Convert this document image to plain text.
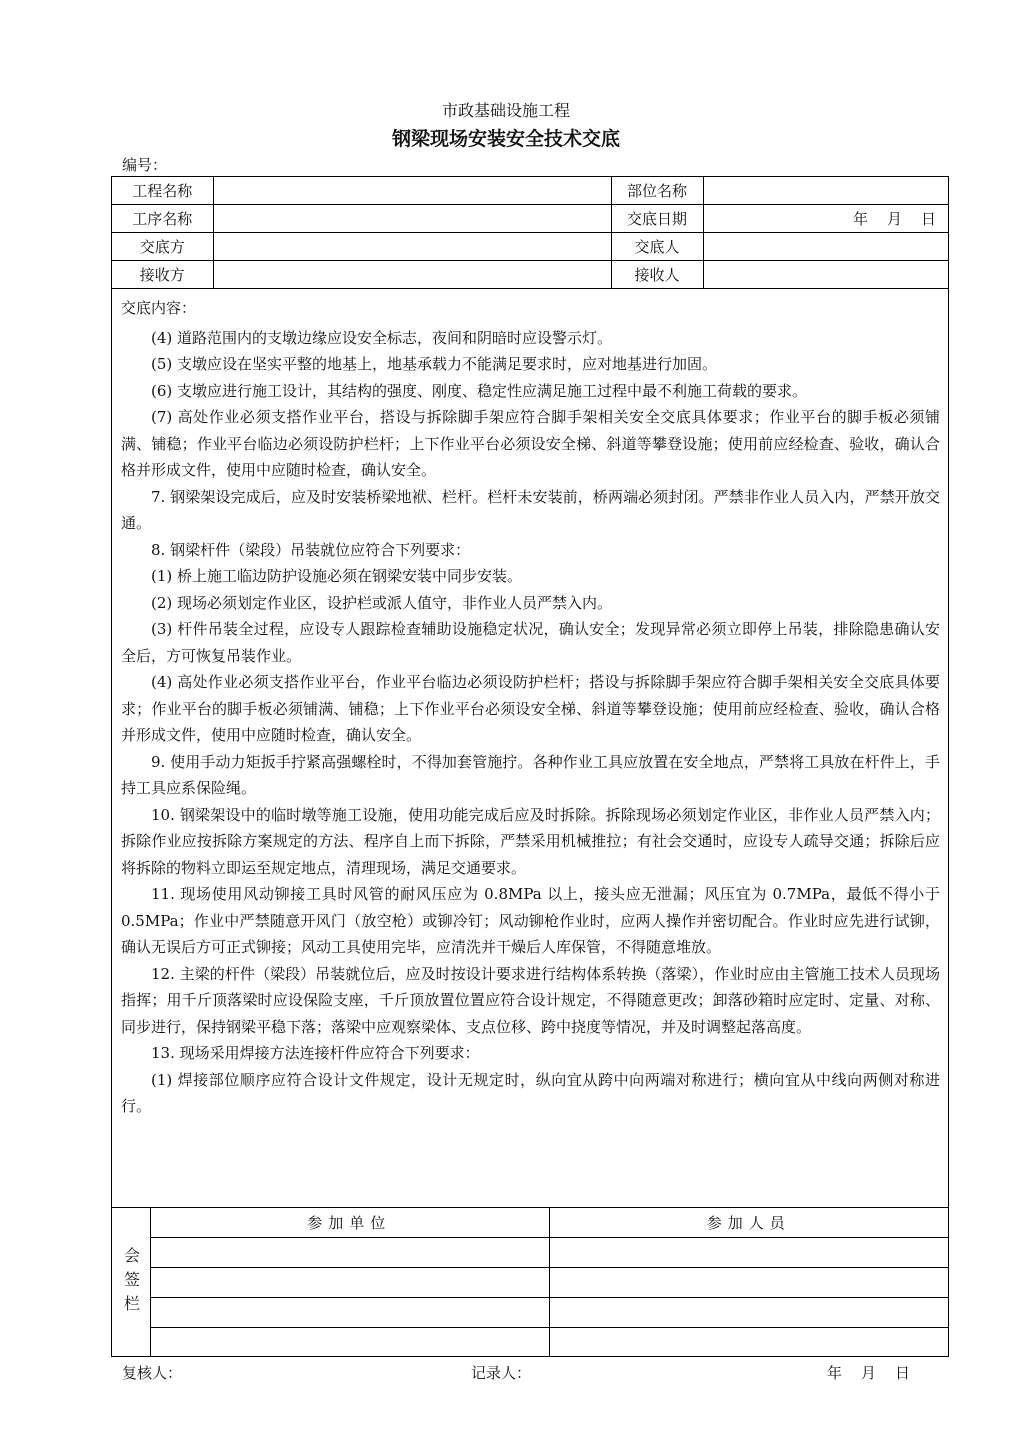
市政基础设施工程
钢梁现场安装安全技术交底
编号：
工程名称		部位名称	
工序名称		交底日期	年　月　日
交底方		交底人	
接收方		接收人	
交底内容：

(4) 道路范围内的支墩边缘应设安全标志，夜间和阴暗时应设警示灯。

(5) 支墩应设在坚实平整的地基上，地基承载力不能满足要求时，应对地基进行加固。

(6) 支墩应进行施工设计，其结构的强度、刚度、稳定性应满足施工过程中最不利施工荷载的要求。

(7) 高处作业必须支搭作业平台，搭设与拆除脚手架应符合脚手架相关安全交底具体要求；作业平台的脚手板必须铺满、铺稳；作业平台临边必须设防护栏杆；上下作业平台必须设安全梯、斜道等攀登设施；使用前应经检查、验收，确认合格并形成文件，使用中应随时检查，确认安全。

7. 钢梁架设完成后，应及时安装桥梁地袱、栏杆。栏杆未安装前，桥两端必须封闭。严禁非作业人员入内，严禁开放交通。

8. 钢梁杆件（梁段）吊装就位应符合下列要求：

(1) 桥上施工临边防护设施必须在钢梁安装中同步安装。

(2) 现场必须划定作业区，设护栏或派人值守，非作业人员严禁入内。

(3) 杆件吊装全过程，应设专人跟踪检查辅助设施稳定状况，确认安全；发现异常必须立即停上吊装，排除隐患确认安全后，方可恢复吊装作业。

(4) 高处作业必须支搭作业平台，作业平台临边必须设防护栏杆；搭设与拆除脚手架应符合脚手架相关安全交底具体要求；作业平台的脚手板必须铺满、铺稳；上下作业平台必须设安全梯、斜道等攀登设施；使用前应经检查、验收，确认合格并形成文件，使用中应随时检查，确认安全。

9. 使用手动力矩扳手拧紧高强螺栓时，不得加套管施拧。各种作业工具应放置在安全地点，严禁将工具放在杆件上，手持工具应系保险绳。

10. 钢梁架设中的临时墩等施工设施，使用功能完成后应及时拆除。拆除现场必须划定作业区，非作业人员严禁入内；拆除作业应按拆除方案规定的方法、程序自上而下拆除，严禁采用机械推拉；有社会交通时，应设专人疏导交通；拆除后应将拆除的物料立即运至规定地点，清理现场，满足交通要求。

11. 现场使用风动铆接工具时风管的耐风压应为 0.8MPa 以上，接头应无泄漏；风压宜为 0.7MPa，最低不得小于 0.5MPa；作业中严禁随意开风门（放空枪）或铆冷钉；风动铆枪作业时，应两人操作并密切配合。作业时应先进行试铆，确认无误后方可正式铆接；风动工具使用完毕，应清洗并干燥后人库保管，不得随意堆放。

12. 主梁的杆件（梁段）吊装就位后，应及时按设计要求进行结构体系转换（落梁），作业时应由主管施工技术人员现场指挥；用千斤顶落梁时应设保险支座，千斤顶放置位置应符合设计规定，不得随意更改；卸落砂箱时应定时、定量、对称、同步进行，保持钢梁平稳下落；落梁中应观察梁体、支点位移、跨中挠度等情况，并及时调整起落高度。

13. 现场采用焊接方法连接杆件应符合下列要求：

(1) 焊接部位顺序应符合设计文件规定，设计无规定时，纵向宜从跨中向两端对称进行；横向宜从中线向两侧对称进行。

会签栏
参加单位	参加人员

复核人：	记录人：	年　月　日
